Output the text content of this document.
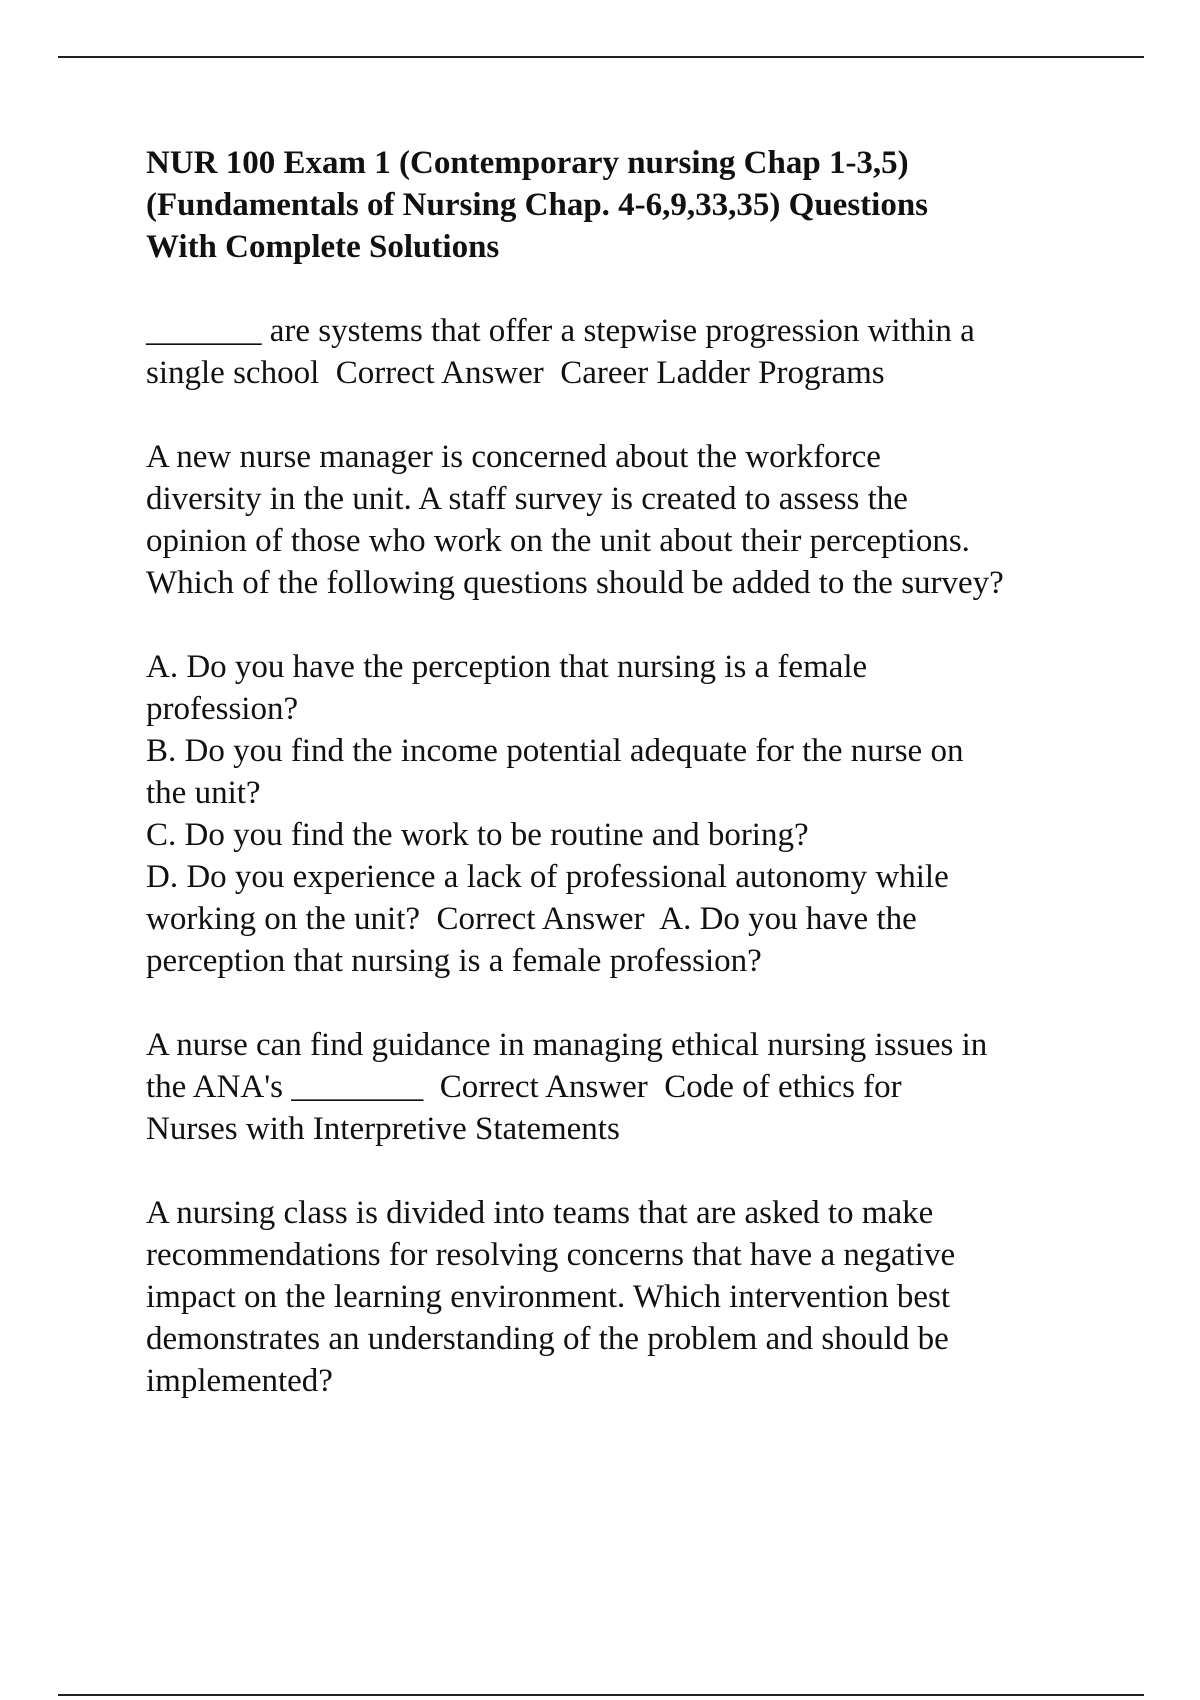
NUR 100 Exam 1 (Contemporary nursing Chap 1-3,5)
(Fundamentals of Nursing Chap. 4-6,9,33,35) Questions
With Complete Solutions
_______ are systems that offer a stepwise progression within a
single school  Correct Answer  Career Ladder Programs
A new nurse manager is concerned about the workforce
diversity in the unit. A staff survey is created to assess the
opinion of those who work on the unit about their perceptions.
Which of the following questions should be added to the survey?
A. Do you have the perception that nursing is a female
profession?
B. Do you find the income potential adequate for the nurse on
the unit?
C. Do you find the work to be routine and boring?
D. Do you experience a lack of professional autonomy while
working on the unit?  Correct Answer  A. Do you have the
perception that nursing is a female profession?
A nurse can find guidance in managing ethical nursing issues in
the ANA's ________  Correct Answer  Code of ethics for
Nurses with Interpretive Statements
A nursing class is divided into teams that are asked to make
recommendations for resolving concerns that have a negative
impact on the learning environment. Which intervention best
demonstrates an understanding of the problem and should be
implemented?
